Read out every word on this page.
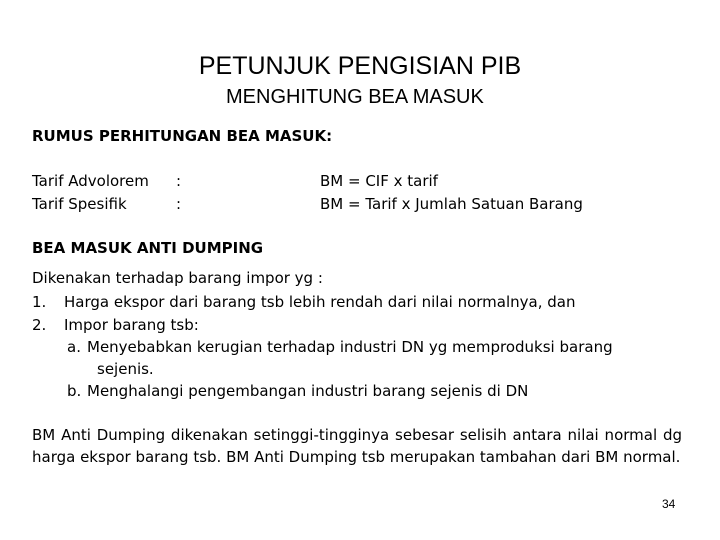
PETUNJUK PENGISIAN PIB
MENGHITUNG BEA MASUK
RUMUS PERHITUNGAN BEA MASUK:
Tarif Advolorem :	BM = CIF x tarif
Tarif Spesifik	:	BM = Tarif x Jumlah Satuan Barang
BEA MASUK ANTI DUMPING
Dikenakan terhadap barang impor yg :
1. Harga ekspor dari barang tsb lebih rendah dari nilai normalnya, dan
2. Impor barang tsb:
a. Menyebabkan kerugian terhadap industri DN yg memproduksi barang
sejenis.
b. Menghalangi pengembangan industri barang sejenis di DN
BM Anti Dumping dikenakan setinggi-tingginya sebesar selisih antara nilai normal dg harga ekspor barang tsb. BM Anti Dumping tsb merupakan tambahan dari BM normal.
34
